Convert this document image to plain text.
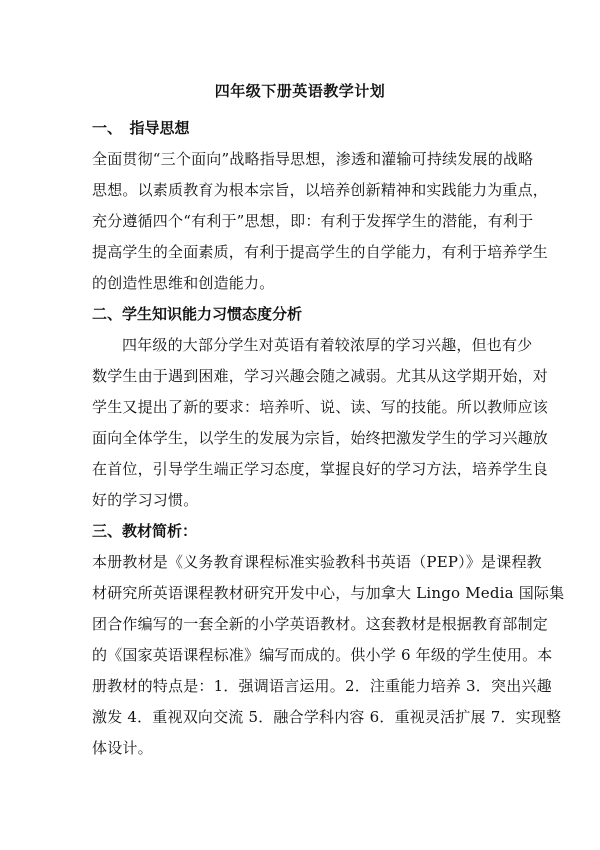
四年级下册英语教学计划
一、　指导思想
全面贯彻“三个面向”战略指导思想，渗透和灌输可持续发展的战略
思想。以素质教育为根本宗旨，以培养创新精神和实践能力为重点，
充分遵循四个“有利于”思想，即：有利于发挥学生的潜能，有利于
提高学生的全面素质，有利于提高学生的自学能力，有利于培养学生
的创造性思维和创造能力。
二、学生知识能力习惯态度分析
四年级的大部分学生对英语有着较浓厚的学习兴趣，但也有少
数学生由于遇到困难，学习兴趣会随之减弱。尤其从这学期开始，对
学生又提出了新的要求：培养听、说、读、写的技能。所以教师应该
面向全体学生，以学生的发展为宗旨，始终把激发学生的学习兴趣放
在首位，引导学生端正学习态度，掌握良好的学习方法，培养学生良
好的学习习惯。
三、教材简析：
本册教材是《义务教育课程标准实验教科书英语（PEP）》是课程教
材研究所英语课程教材研究开发中心，与加拿大 Lingo Media 国际集
团合作编写的一套全新的小学英语教材。这套教材是根据教育部制定
的《国家英语课程标准》编写而成的。供小学 6 年级的学生使用。本
册教材的特点是：1．强调语言运用。2．注重能力培养 3．突出兴趣
激发 4．重视双向交流 5．融合学科内容 6．重视灵活扩展 7．实现整
体设计。
